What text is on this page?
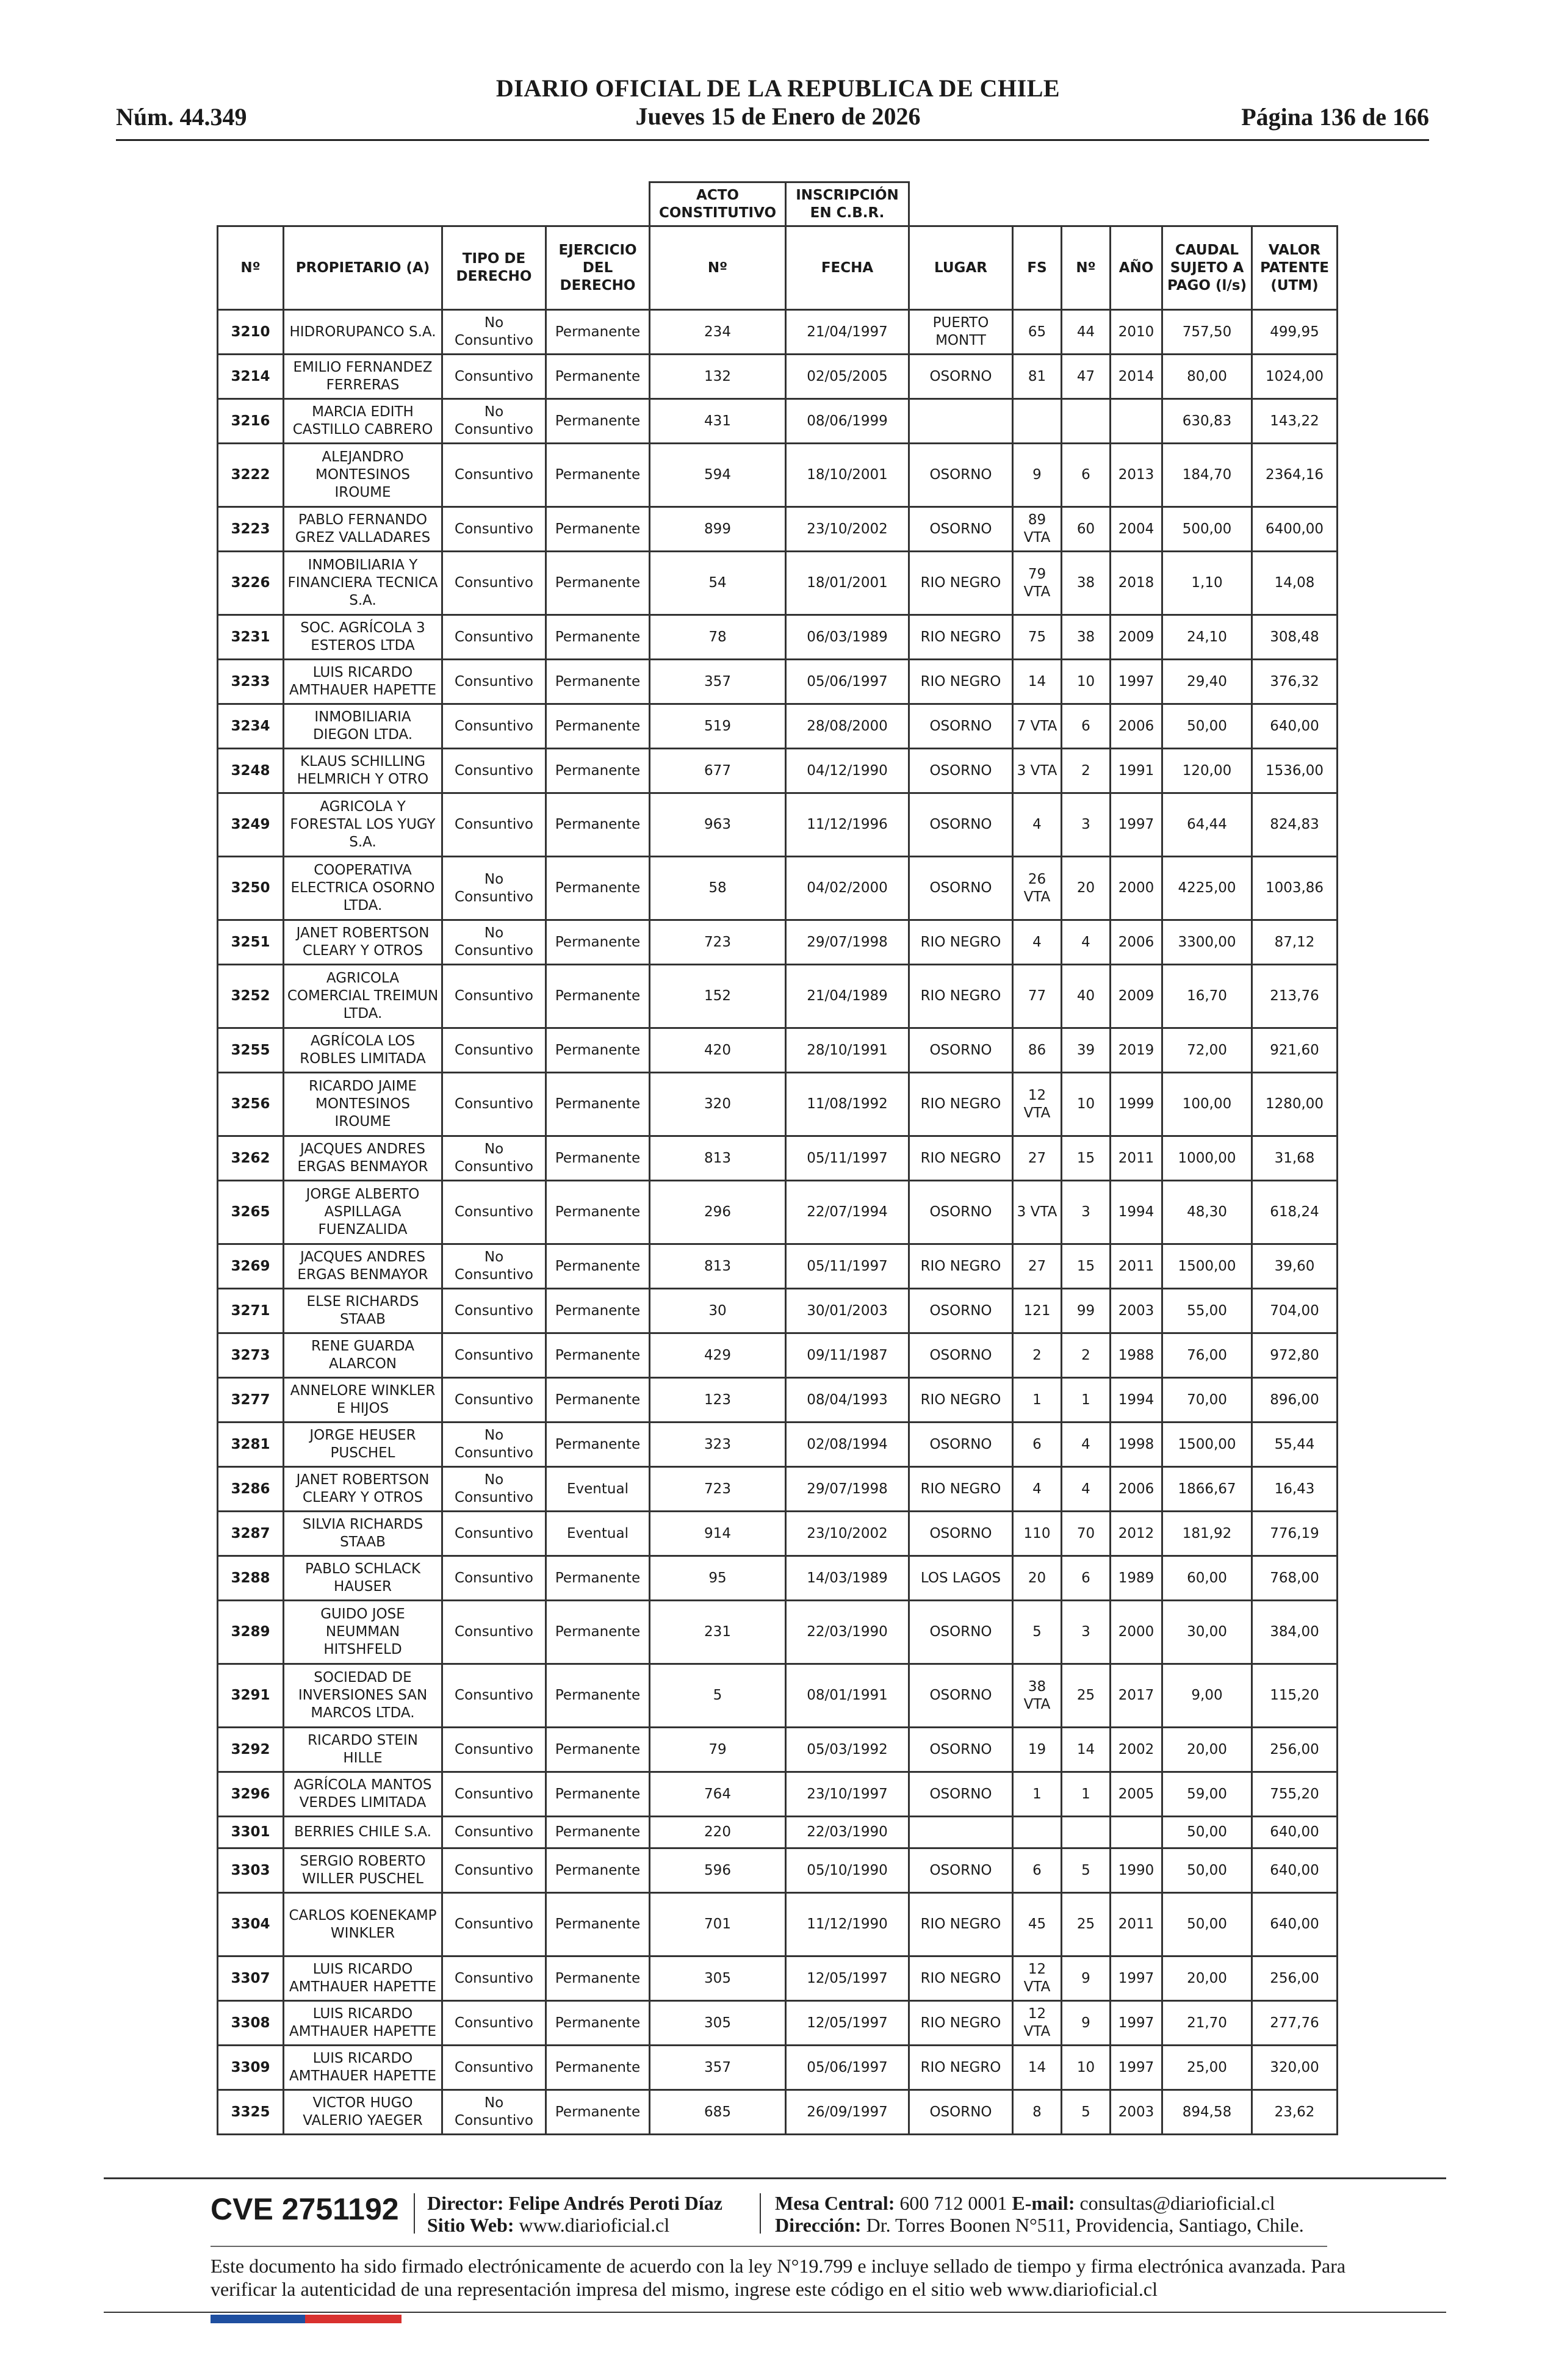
DIARIO OFICIAL DE LA REPUBLICA DE CHILE
Jueves 15 de Enero de 2026
Núm. 44.349	Página 136 de 166
				ACTO CONSTITUTIVO	INSCRIPCIÓN EN C.B.R.						
Nº	PROPIETARIO (A)	TIPO DE DERECHO	EJERCICIO DEL DERECHO	Nº	FECHA	LUGAR	FS	Nº	AÑO	CAUDAL SUJETO A PAGO (l/s)	VALOR PATENTE (UTM)
3210	HIDRORUPANCO S.A.	No Consuntivo	Permanente	234	21/04/1997	PUERTO MONTT	65	44	2010	757,50	499,95
3214	EMILIO FERNANDEZ FERRERAS	Consuntivo	Permanente	132	02/05/2005	OSORNO	81	47	2014	80,00	1024,00
3216	MARCIA EDITH CASTILLO CABRERO	No Consuntivo	Permanente	431	08/06/1999					630,83	143,22
3222	ALEJANDRO MONTESINOS IROUME	Consuntivo	Permanente	594	18/10/2001	OSORNO	9	6	2013	184,70	2364,16
3223	PABLO FERNANDO GREZ VALLADARES	Consuntivo	Permanente	899	23/10/2002	OSORNO	89 VTA	60	2004	500,00	6400,00
3226	INMOBILIARIA Y FINANCIERA TECNICA S.A.	Consuntivo	Permanente	54	18/01/2001	RIO NEGRO	79 VTA	38	2018	1,10	14,08
3231	SOC. AGRÍCOLA 3 ESTEROS LTDA	Consuntivo	Permanente	78	06/03/1989	RIO NEGRO	75	38	2009	24,10	308,48
3233	LUIS RICARDO AMTHAUER HAPETTE	Consuntivo	Permanente	357	05/06/1997	RIO NEGRO	14	10	1997	29,40	376,32
3234	INMOBILIARIA DIEGON LTDA.	Consuntivo	Permanente	519	28/08/2000	OSORNO	7 VTA	6	2006	50,00	640,00
3248	KLAUS SCHILLING HELMRICH Y OTRO	Consuntivo	Permanente	677	04/12/1990	OSORNO	3 VTA	2	1991	120,00	1536,00
3249	AGRICOLA Y FORESTAL LOS YUGY S.A.	Consuntivo	Permanente	963	11/12/1996	OSORNO	4	3	1997	64,44	824,83
3250	COOPERATIVA ELECTRICA OSORNO LTDA.	No Consuntivo	Permanente	58	04/02/2000	OSORNO	26 VTA	20	2000	4225,00	1003,86
3251	JANET ROBERTSON CLEARY Y OTROS	No Consuntivo	Permanente	723	29/07/1998	RIO NEGRO	4	4	2006	3300,00	87,12
3252	AGRICOLA COMERCIAL TREIMUN LTDA.	Consuntivo	Permanente	152	21/04/1989	RIO NEGRO	77	40	2009	16,70	213,76
3255	AGRÍCOLA LOS ROBLES LIMITADA	Consuntivo	Permanente	420	28/10/1991	OSORNO	86	39	2019	72,00	921,60
3256	RICARDO JAIME MONTESINOS IROUME	Consuntivo	Permanente	320	11/08/1992	RIO NEGRO	12 VTA	10	1999	100,00	1280,00
3262	JACQUES ANDRES ERGAS BENMAYOR	No Consuntivo	Permanente	813	05/11/1997	RIO NEGRO	27	15	2011	1000,00	31,68
3265	JORGE ALBERTO ASPILLAGA FUENZALIDA	Consuntivo	Permanente	296	22/07/1994	OSORNO	3 VTA	3	1994	48,30	618,24
3269	JACQUES ANDRES ERGAS BENMAYOR	No Consuntivo	Permanente	813	05/11/1997	RIO NEGRO	27	15	2011	1500,00	39,60
3271	ELSE RICHARDS STAAB	Consuntivo	Permanente	30	30/01/2003	OSORNO	121	99	2003	55,00	704,00
3273	RENE GUARDA ALARCON	Consuntivo	Permanente	429	09/11/1987	OSORNO	2	2	1988	76,00	972,80
3277	ANNELORE WINKLER E HIJOS	Consuntivo	Permanente	123	08/04/1993	RIO NEGRO	1	1	1994	70,00	896,00
3281	JORGE HEUSER PUSCHEL	No Consuntivo	Permanente	323	02/08/1994	OSORNO	6	4	1998	1500,00	55,44
3286	JANET ROBERTSON CLEARY Y OTROS	No Consuntivo	Eventual	723	29/07/1998	RIO NEGRO	4	4	2006	1866,67	16,43
3287	SILVIA RICHARDS STAAB	Consuntivo	Eventual	914	23/10/2002	OSORNO	110	70	2012	181,92	776,19
3288	PABLO SCHLACK HAUSER	Consuntivo	Permanente	95	14/03/1989	LOS LAGOS	20	6	1989	60,00	768,00
3289	GUIDO JOSE NEUMMAN HITSHFELD	Consuntivo	Permanente	231	22/03/1990	OSORNO	5	3	2000	30,00	384,00
3291	SOCIEDAD DE INVERSIONES SAN MARCOS LTDA.	Consuntivo	Permanente	5	08/01/1991	OSORNO	38 VTA	25	2017	9,00	115,20
3292	RICARDO STEIN HILLE	Consuntivo	Permanente	79	05/03/1992	OSORNO	19	14	2002	20,00	256,00
3296	AGRÍCOLA MANTOS VERDES LIMITADA	Consuntivo	Permanente	764	23/10/1997	OSORNO	1	1	2005	59,00	755,20
3301	BERRIES CHILE S.A.	Consuntivo	Permanente	220	22/03/1990					50,00	640,00
3303	SERGIO ROBERTO WILLER PUSCHEL	Consuntivo	Permanente	596	05/10/1990	OSORNO	6	5	1990	50,00	640,00
3304	CARLOS KOENEKAMP WINKLER	Consuntivo	Permanente	701	11/12/1990	RIO NEGRO	45	25	2011	50,00	640,00
3307	LUIS RICARDO AMTHAUER HAPETTE	Consuntivo	Permanente	305	12/05/1997	RIO NEGRO	12 VTA	9	1997	20,00	256,00
3308	LUIS RICARDO AMTHAUER HAPETTE	Consuntivo	Permanente	305	12/05/1997	RIO NEGRO	12 VTA	9	1997	21,70	277,76
3309	LUIS RICARDO AMTHAUER HAPETTE	Consuntivo	Permanente	357	05/06/1997	RIO NEGRO	14	10	1997	25,00	320,00
3325	VICTOR HUGO VALERIO YAEGER	No Consuntivo	Permanente	685	26/09/1997	OSORNO	8	5	2003	894,58	23,62
CVE 2751192 Director: Felipe Andrés Peroti Díaz
Sitio Web: www.diarioficial.cl
Mesa Central: 600 712 0001 E-mail: consultas@diarioficial.cl
Dirección: Dr. Torres Boonen N°511, Providencia, Santiago, Chile.
Este documento ha sido firmado electrónicamente de acuerdo con la ley N°19.799 e incluye sellado de tiempo y firma electrónica avanzada. Para verificar la autenticidad de una representación impresa del mismo, ingrese este código en el sitio web www.diarioficial.cl
